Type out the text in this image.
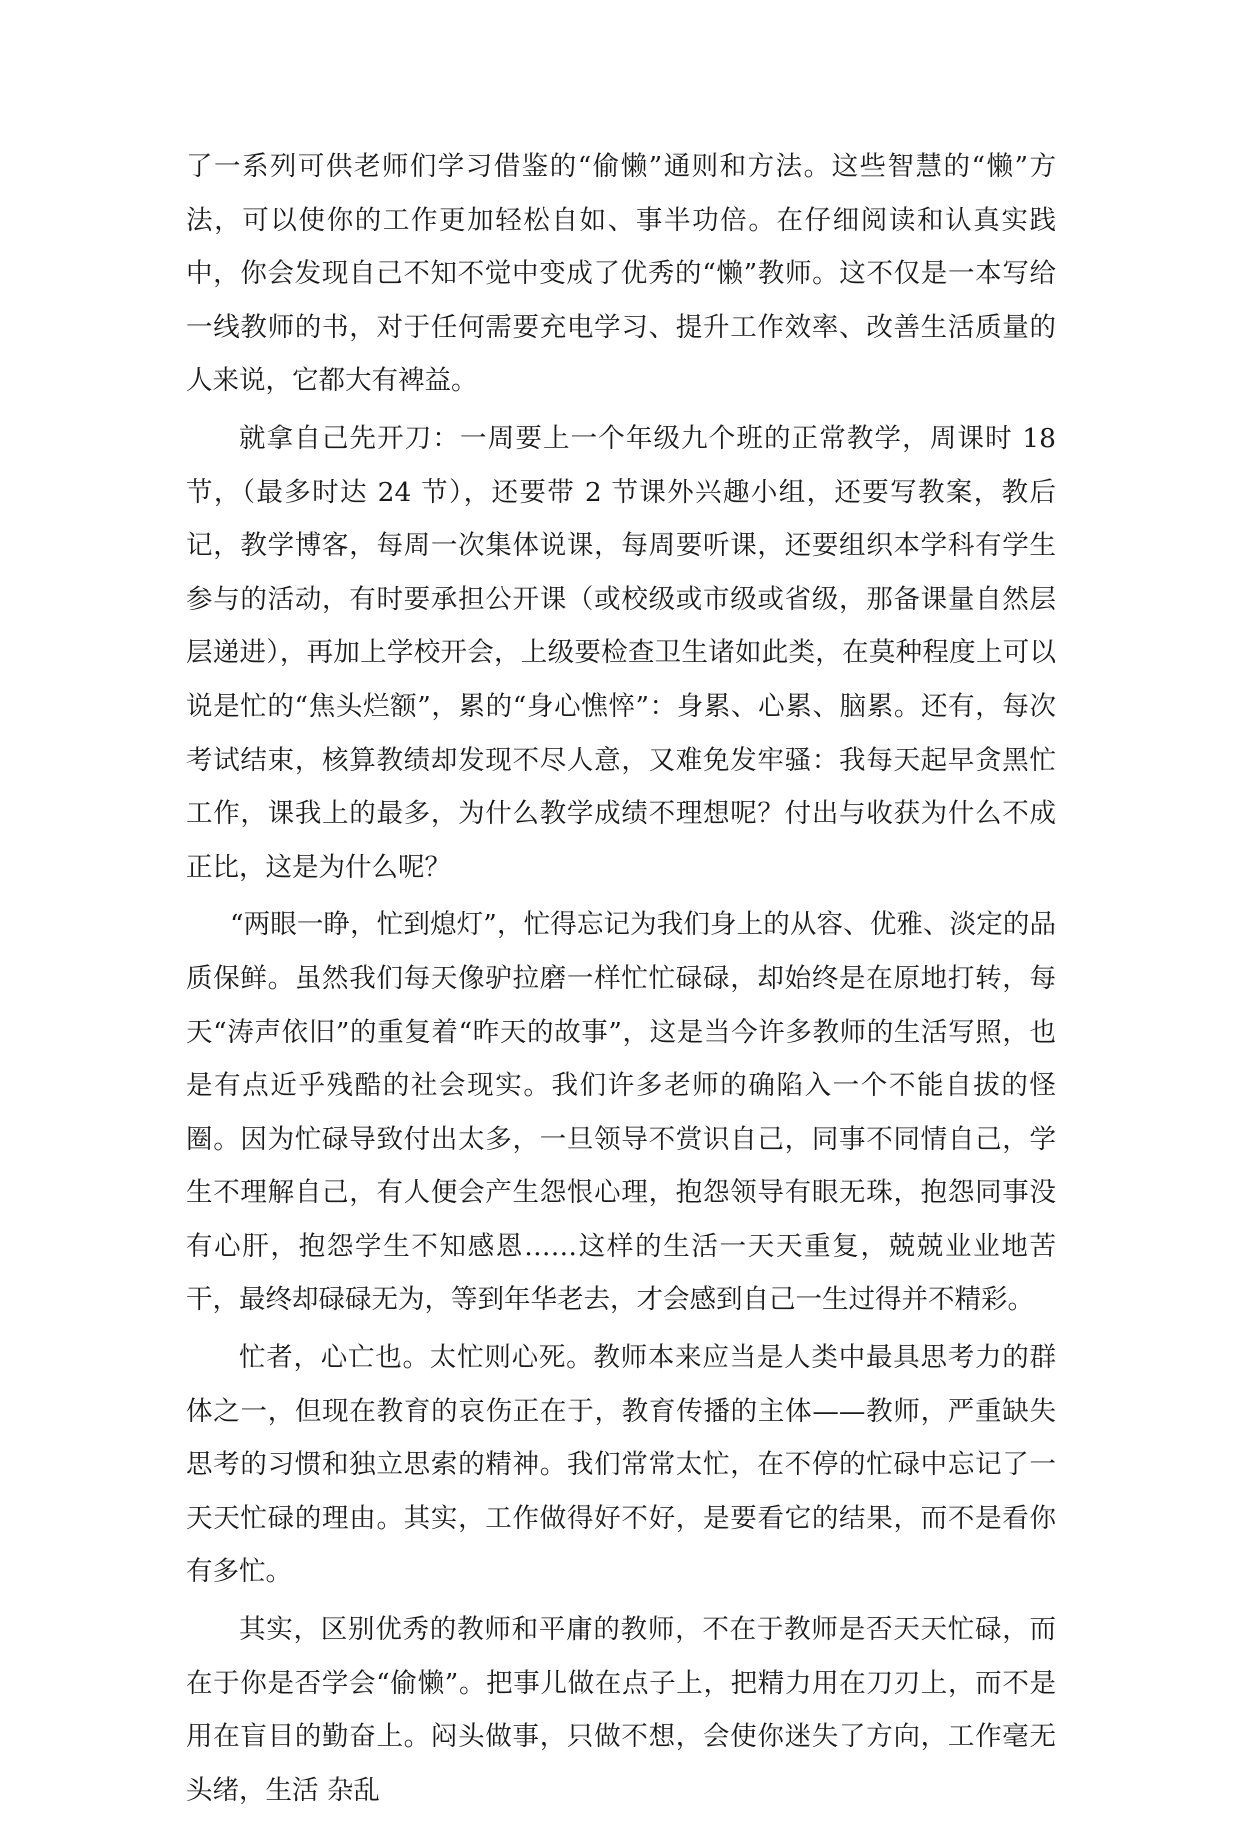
了一系列可供老师们学习借鉴的“偷懒”通则和方法。这些智慧的“懒”方法，可以使你的工作更加轻松自如、事半功倍。在仔细阅读和认真实践中，你会发现自己不知不觉中变成了优秀的“懒”教师。这不仅是一本写给一线教师的书，对于任何需要充电学习、提升工作效率、改善生活质量的人来说，它都大有裨益。

就拿自己先开刀：一周要上一个年级九个班的正常教学，周课时 18 节，（最多时达 24 节），还要带 2 节课外兴趣小组，还要写教案，教后记，教学博客，每周一次集体说课，每周要听课，还要组织本学科有学生参与的活动，有时要承担公开课（或校级或市级或省级，那备课量自然层层递进），再加上学校开会，上级要检查卫生诸如此类，在莫种程度上可以说是忙的“焦头烂额”，累的“身心憔悴”：身累、心累、脑累。还有，每次考试结束，核算教绩却发现不尽人意，又难免发牢骚：我每天起早贪黑忙工作，课我上的最多，为什么教学成绩不理想呢？付出与收获为什么不成正比，这是为什么呢？

“两眼一睁，忙到熄灯”，忙得忘记为我们身上的从容、优雅、淡定的品质保鲜。虽然我们每天像驴拉磨一样忙忙碌碌，却始终是在原地打转，每天“涛声依旧”的重复着“昨天的故事”，这是当今许多教师的生活写照，也是有点近乎残酷的社会现实。我们许多老师的确陷入一个不能自拔的怪圈。因为忙碌导致付出太多，一旦领导不赏识自己，同事不同情自己，学生不理解自己，有人便会产生怨恨心理，抱怨领导有眼无珠，抱怨同事没有心肝，抱怨学生不知感恩……这样的生活一天天重复，兢兢业业地苦干，最终却碌碌无为，等到年华老去，才会感到自己一生过得并不精彩。

忙者，心亡也。太忙则心死。教师本来应当是人类中最具思考力的群体之一，但现在教育的哀伤正在于，教育传播的主体——教师，严重缺失思考的习惯和独立思索的精神。我们常常太忙，在不停的忙碌中忘记了一天天忙碌的理由。其实，工作做得好不好，是要看它的结果，而不是看你有多忙。

其实，区别优秀的教师和平庸的教师，不在于教师是否天天忙碌，而在于你是否学会“偷懒”。把事儿做在点子上，把精力用在刀刃上，而不是用在盲目的勤奋上。闷头做事，只做不想，会使你迷失了方向，工作毫无头绪，生活 杂乱
